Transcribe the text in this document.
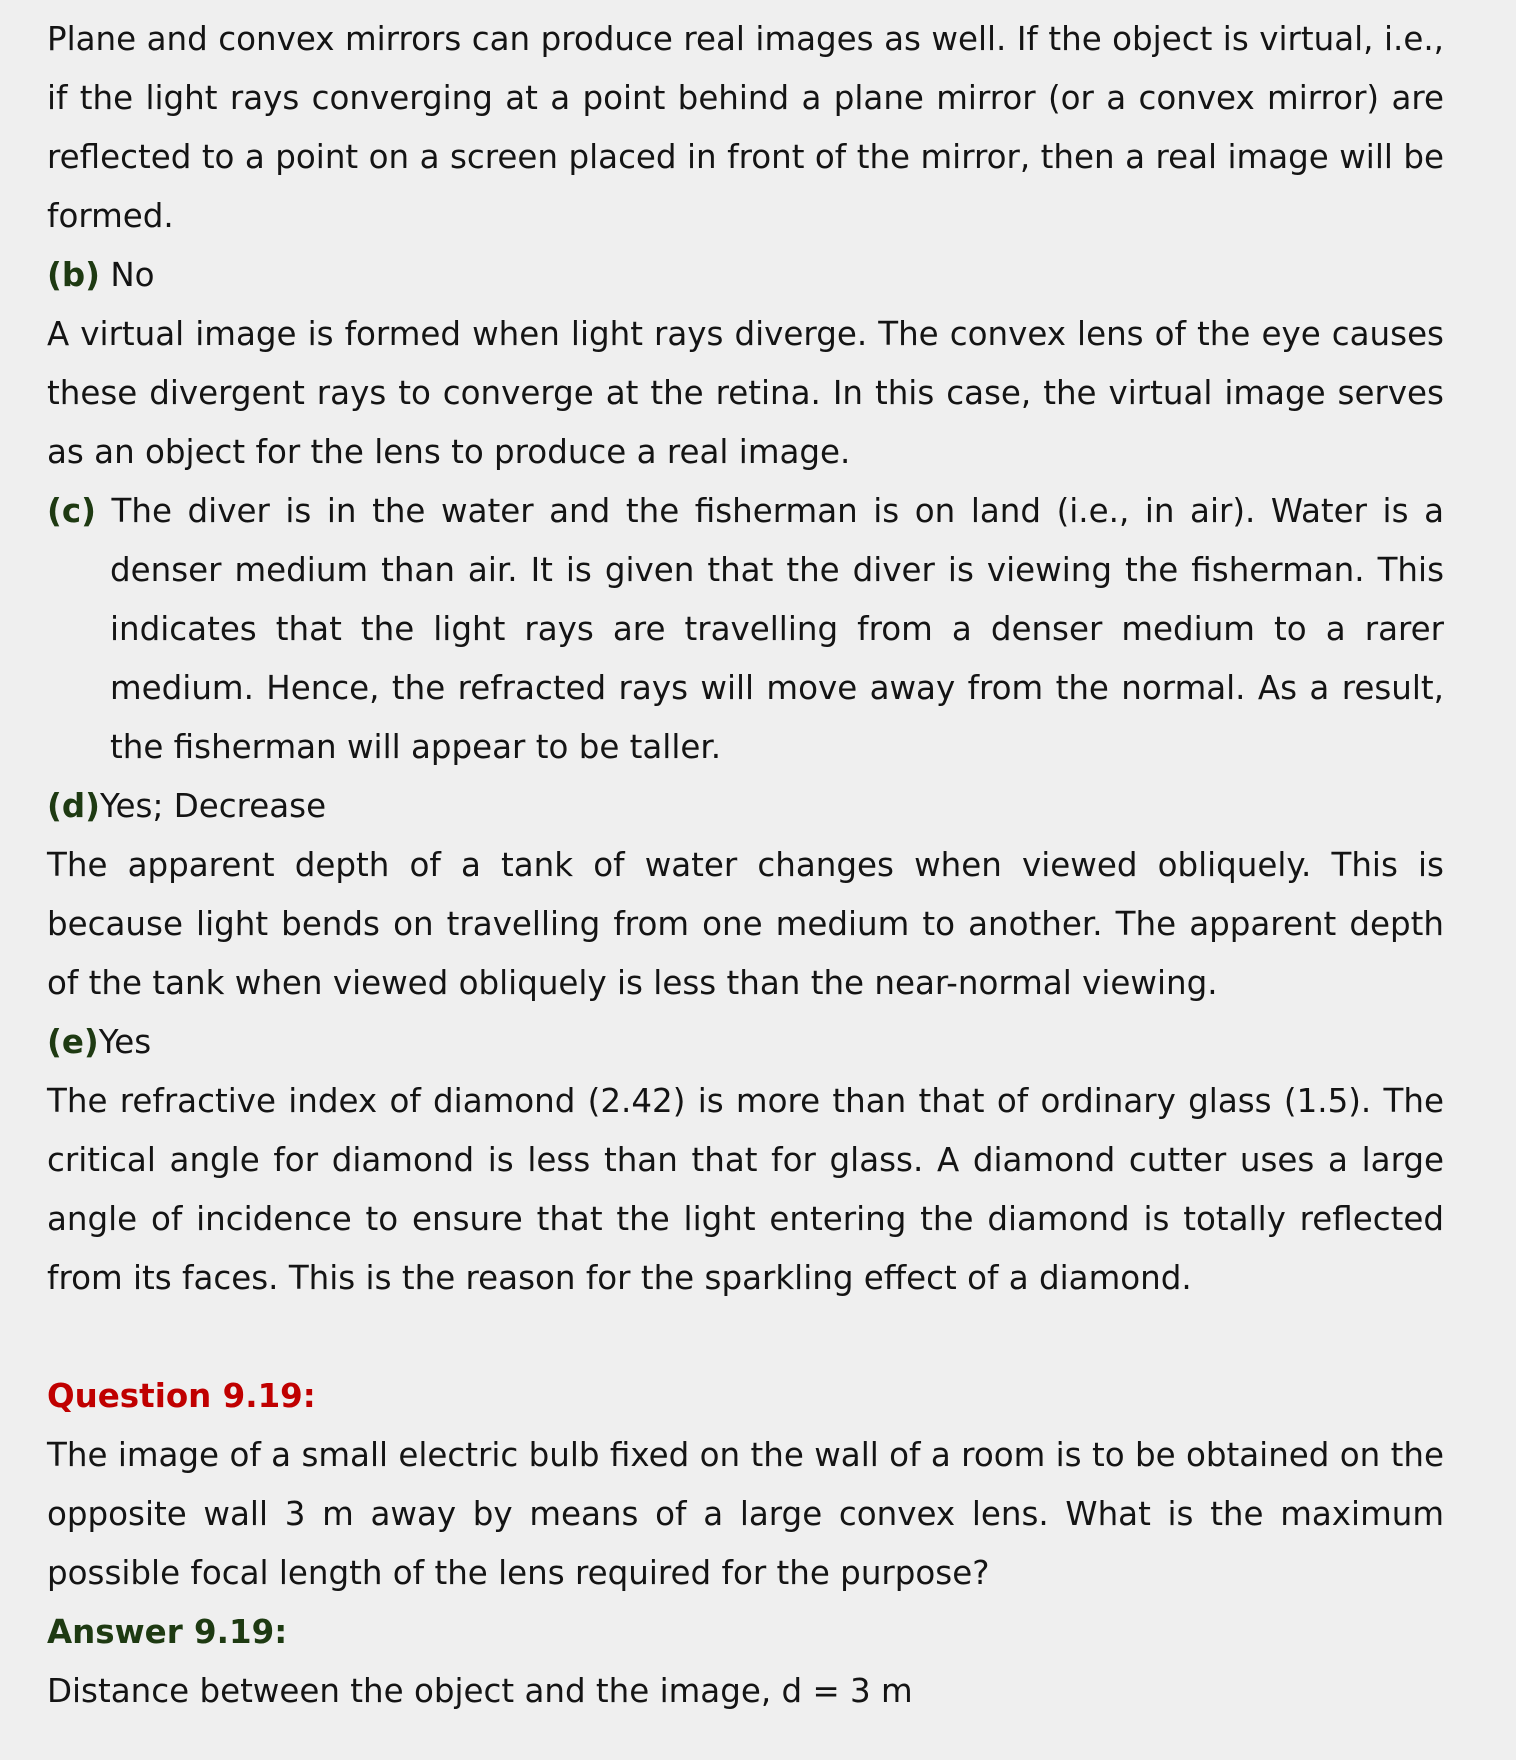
Plane and convex mirrors can produce real images as well. If the object is virtual, i.e., if the light rays converging at a point behind a plane mirror (or a convex mirror) are reflected to a point on a screen placed in front of the mirror, then a real image will be formed.

(b) No

A virtual image is formed when light rays diverge. The convex lens of the eye causes these divergent rays to converge at the retina. In this case, the virtual image serves as an object for the lens to produce a real image.

(c) The diver is in the water and the fisherman is on land (i.e., in air). Water is a denser medium than air. It is given that the diver is viewing the fisherman. This indicates that the light rays are travelling from a denser medium to a rarer medium. Hence, the refracted rays will move away from the normal. As a result, the fisherman will appear to be taller.

(d)Yes; Decrease

The apparent depth of a tank of water changes when viewed obliquely. This is because light bends on travelling from one medium to another. The apparent depth of the tank when viewed obliquely is less than the near-normal viewing.

(e)Yes

The refractive index of diamond (2.42) is more than that of ordinary glass (1.5). The critical angle for diamond is less than that for glass. A diamond cutter uses a large angle of incidence to ensure that the light entering the diamond is totally reflected from its faces. This is the reason for the sparkling effect of a diamond.

Question 9.19:

The image of a small electric bulb fixed on the wall of a room is to be obtained on the opposite wall 3 m away by means of a large convex lens. What is the maximum possible focal length of the lens required for the purpose?

Answer 9.19:

Distance between the object and the image, d = 3 m
